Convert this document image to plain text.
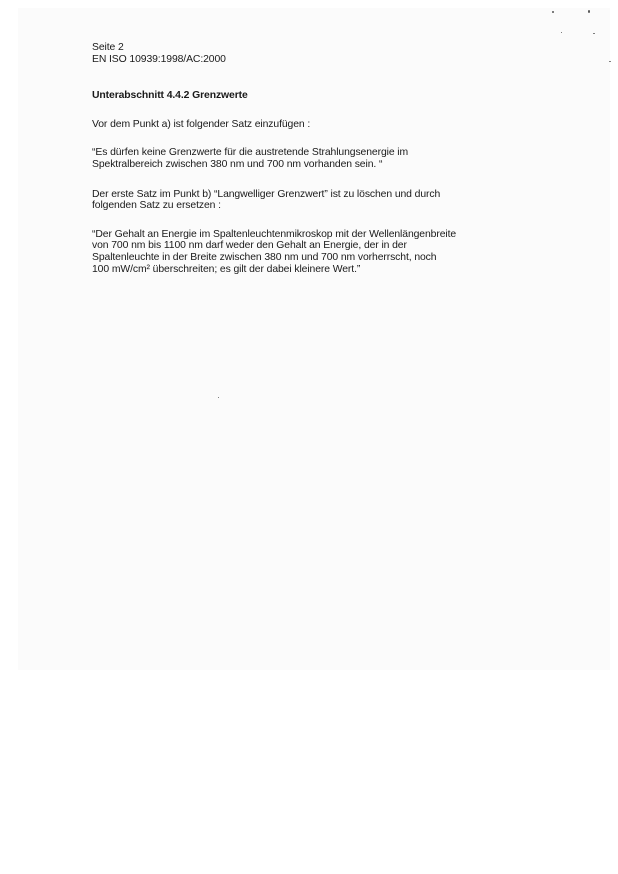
Seite 2

EN ISO 10939:1998/AC:2000

Unterabschnitt 4.4.2 Grenzwerte

Vor dem Punkt a) ist folgender Satz einzufügen :

“Es dürfen keine Grenzwerte für die austretende Strahlungsenergie im

Spektralbereich zwischen 380 nm und 700 nm vorhanden sein. “

Der erste Satz im Punkt b) “Langwelliger Grenzwert” ist zu löschen und durch

folgenden Satz zu ersetzen :

“Der Gehalt an Energie im Spaltenleuchtenmikroskop mit der Wellenlängenbreite

von 700 nm bis 1100 nm darf weder den Gehalt an Energie, der in der

Spaltenleuchte in der Breite zwischen 380 nm und 700 nm vorherrscht, noch

100 mW/cm² überschreiten; es gilt der dabei kleinere Wert.”
